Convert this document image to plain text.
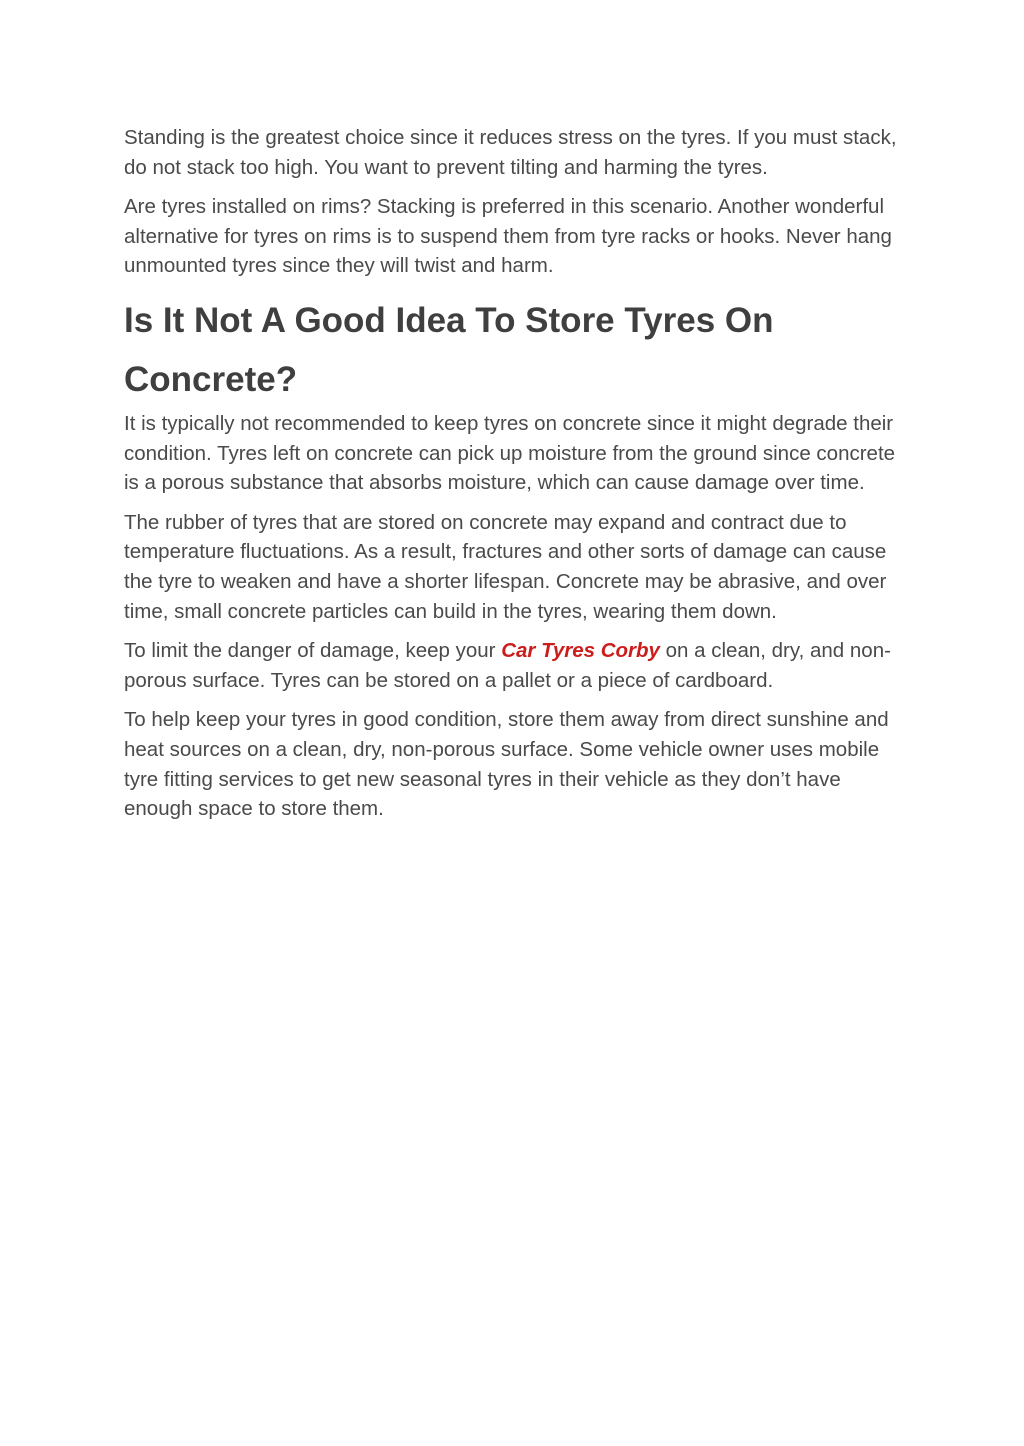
Standing is the greatest choice since it reduces stress on the tyres. If you must stack, do not stack too high. You want to prevent tilting and harming the tyres.

Are tyres installed on rims? Stacking is preferred in this scenario. Another wonderful alternative for tyres on rims is to suspend them from tyre racks or hooks. Never hang unmounted tyres since they will twist and harm.

Is It Not A Good Idea To Store Tyres On Concrete?

It is typically not recommended to keep tyres on concrete since it might degrade their condition. Tyres left on concrete can pick up moisture from the ground since concrete is a porous substance that absorbs moisture, which can cause damage over time.

The rubber of tyres that are stored on concrete may expand and contract due to temperature fluctuations. As a result, fractures and other sorts of damage can cause the tyre to weaken and have a shorter lifespan. Concrete may be abrasive, and over time, small concrete particles can build in the tyres, wearing them down.

To limit the danger of damage, keep your Car Tyres Corby on a clean, dry, and non-porous surface. Tyres can be stored on a pallet or a piece of cardboard.

To help keep your tyres in good condition, store them away from direct sunshine and heat sources on a clean, dry, non-porous surface. Some vehicle owner uses mobile tyre fitting services to get new seasonal tyres in their vehicle as they don’t have enough space to store them.
